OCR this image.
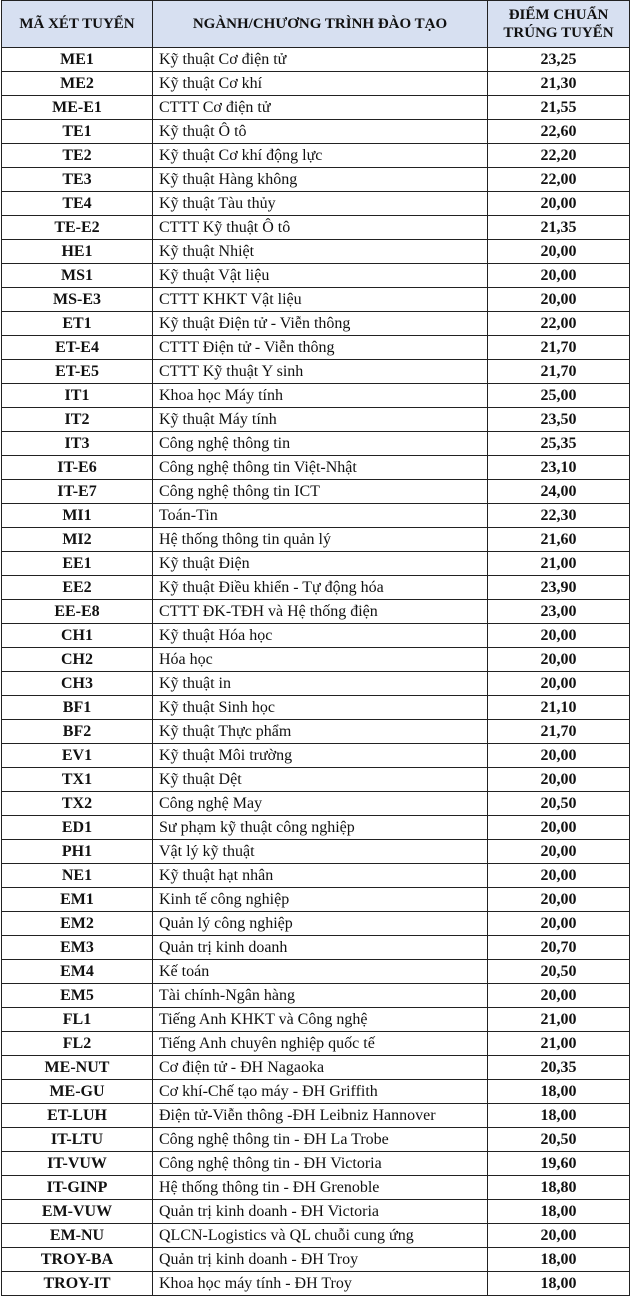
MÃ XÉT TUYỂN	NGÀNH/CHƯƠNG TRÌNH ĐÀO TẠO	ĐIỂM CHUẨN
TRÚNG TUYỂN

ME1	Kỹ thuật Cơ điện tử	23,25
ME2	Kỹ thuật Cơ khí	21,30
ME-E1	CTTT Cơ điện tử	21,55
TE1	Kỹ thuật Ô tô	22,60
TE2	Kỹ thuật Cơ khí động lực	22,20
TE3	Kỹ thuật Hàng không	22,00
TE4	Kỹ thuật Tàu thủy	20,00
TE-E2	CTTT Kỹ thuật Ô tô	21,35
HE1	Kỹ thuật Nhiệt	20,00
MS1	Kỹ thuật Vật liệu	20,00
MS-E3	CTTT KHKT Vật liệu	20,00
ET1	Kỹ thuật Điện tử - Viễn thông	22,00
ET-E4	CTTT Điện tử - Viễn thông	21,70
ET-E5	CTTT Kỹ thuật Y sinh	21,70
IT1	Khoa học Máy tính	25,00
IT2	Kỹ thuật Máy tính	23,50
IT3	Công nghệ thông tin	25,35
IT-E6	Công nghệ thông tin Việt-Nhật	23,10
IT-E7	Công nghệ thông tin ICT	24,00
MI1	Toán-Tin	22,30
MI2	Hệ thống thông tin quản lý	21,60
EE1	Kỹ thuật Điện	21,00
EE2	Kỹ thuật Điều khiển - Tự động hóa	23,90
EE-E8	CTTT ĐK-TĐH và Hệ thống điện	23,00
CH1	Kỹ thuật Hóa học	20,00
CH2	Hóa học	20,00
CH3	Kỹ thuật in	20,00
BF1	Kỹ thuật Sinh học	21,10
BF2	Kỹ thuật Thực phẩm	21,70
EV1	Kỹ thuật Môi trường	20,00
TX1	Kỹ thuật Dệt	20,00
TX2	Công nghệ May	20,50
ED1	Sư phạm kỹ thuật công nghiệp	20,00
PH1	Vật lý kỹ thuật	20,00
NE1	Kỹ thuật hạt nhân	20,00
EM1	Kinh tế công nghiệp	20,00
EM2	Quản lý công nghiệp	20,00
EM3	Quản trị kinh doanh	20,70
EM4	Kế toán	20,50
EM5	Tài chính-Ngân hàng	20,00
FL1	Tiếng Anh KHKT và Công nghệ	21,00
FL2	Tiếng Anh chuyên nghiệp quốc tế	21,00
ME-NUT	Cơ điện tử - ĐH Nagaoka	20,35
ME-GU	Cơ khí-Chế tạo máy - ĐH Griffith	18,00
ET-LUH	Điện tử-Viễn thông -ĐH Leibniz Hannover	18,00
IT-LTU	Công nghệ thông tin - ĐH La Trobe	20,50
IT-VUW	Công nghệ thông tin - ĐH Victoria	19,60
IT-GINP	Hệ thống thông tin - ĐH Grenoble	18,80
EM-VUW	Quản trị kinh doanh - ĐH Victoria	18,00
EM-NU	QLCN-Logistics và QL chuỗi cung ứng	20,00
TROY-BA	Quản trị kinh doanh - ĐH Troy	18,00
TROY-IT	Khoa học máy tính - ĐH Troy	18,00
